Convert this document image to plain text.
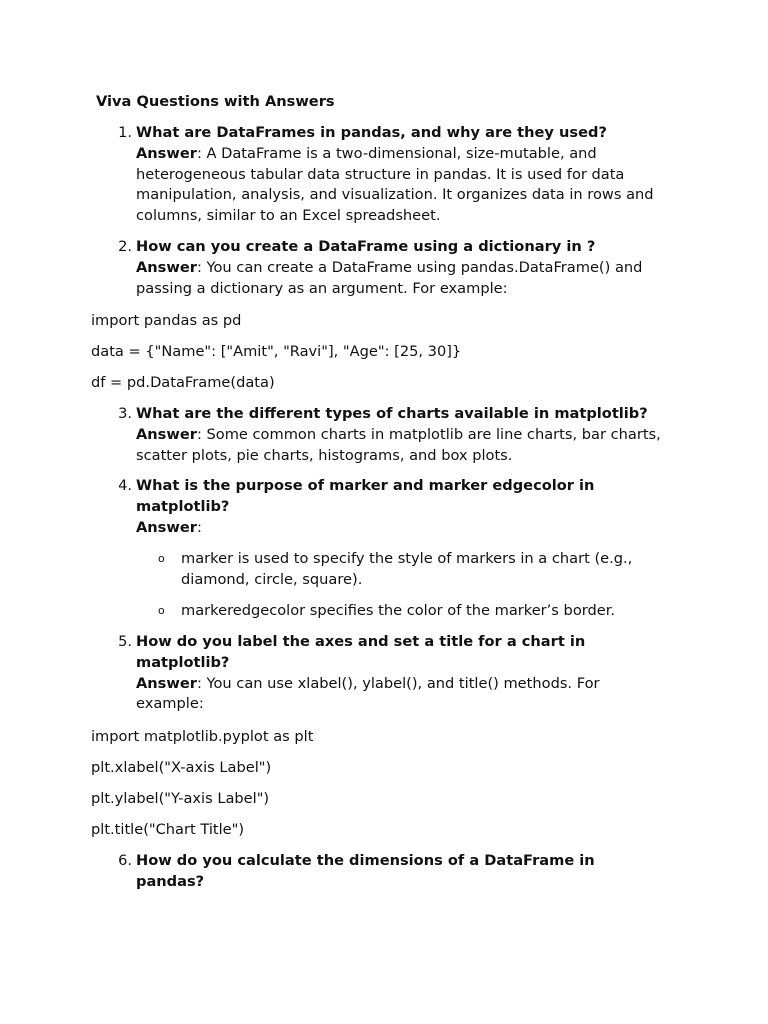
Viva Questions with Answers
1. What are DataFrames in pandas, and why are they used?
Answer: A DataFrame is a two-dimensional, size-mutable, and heterogeneous tabular data structure in pandas. It is used for data manipulation, analysis, and visualization. It organizes data in rows and columns, similar to an Excel spreadsheet.
2. How can you create a DataFrame using a dictionary in ?
Answer: You can create a DataFrame using pandas.DataFrame() and passing a dictionary as an argument. For example:
import pandas as pd
data = {"Name": ["Amit", "Ravi"], "Age": [25, 30]}
df = pd.DataFrame(data)
3. What are the different types of charts available in matplotlib?
Answer: Some common charts in matplotlib are line charts, bar charts, scatter plots, pie charts, histograms, and box plots.
4. What is the purpose of marker and marker edgecolor in matplotlib?
Answer:
o marker is used to specify the style of markers in a chart (e.g., diamond, circle, square).
o markeredgecolor specifies the color of the marker’s border.
5. How do you label the axes and set a title for a chart in matplotlib?
Answer: You can use xlabel(), ylabel(), and title() methods. For example:
import matplotlib.pyplot as plt
plt.xlabel("X-axis Label")
plt.ylabel("Y-axis Label")
plt.title("Chart Title")
6. How do you calculate the dimensions of a DataFrame in pandas?
